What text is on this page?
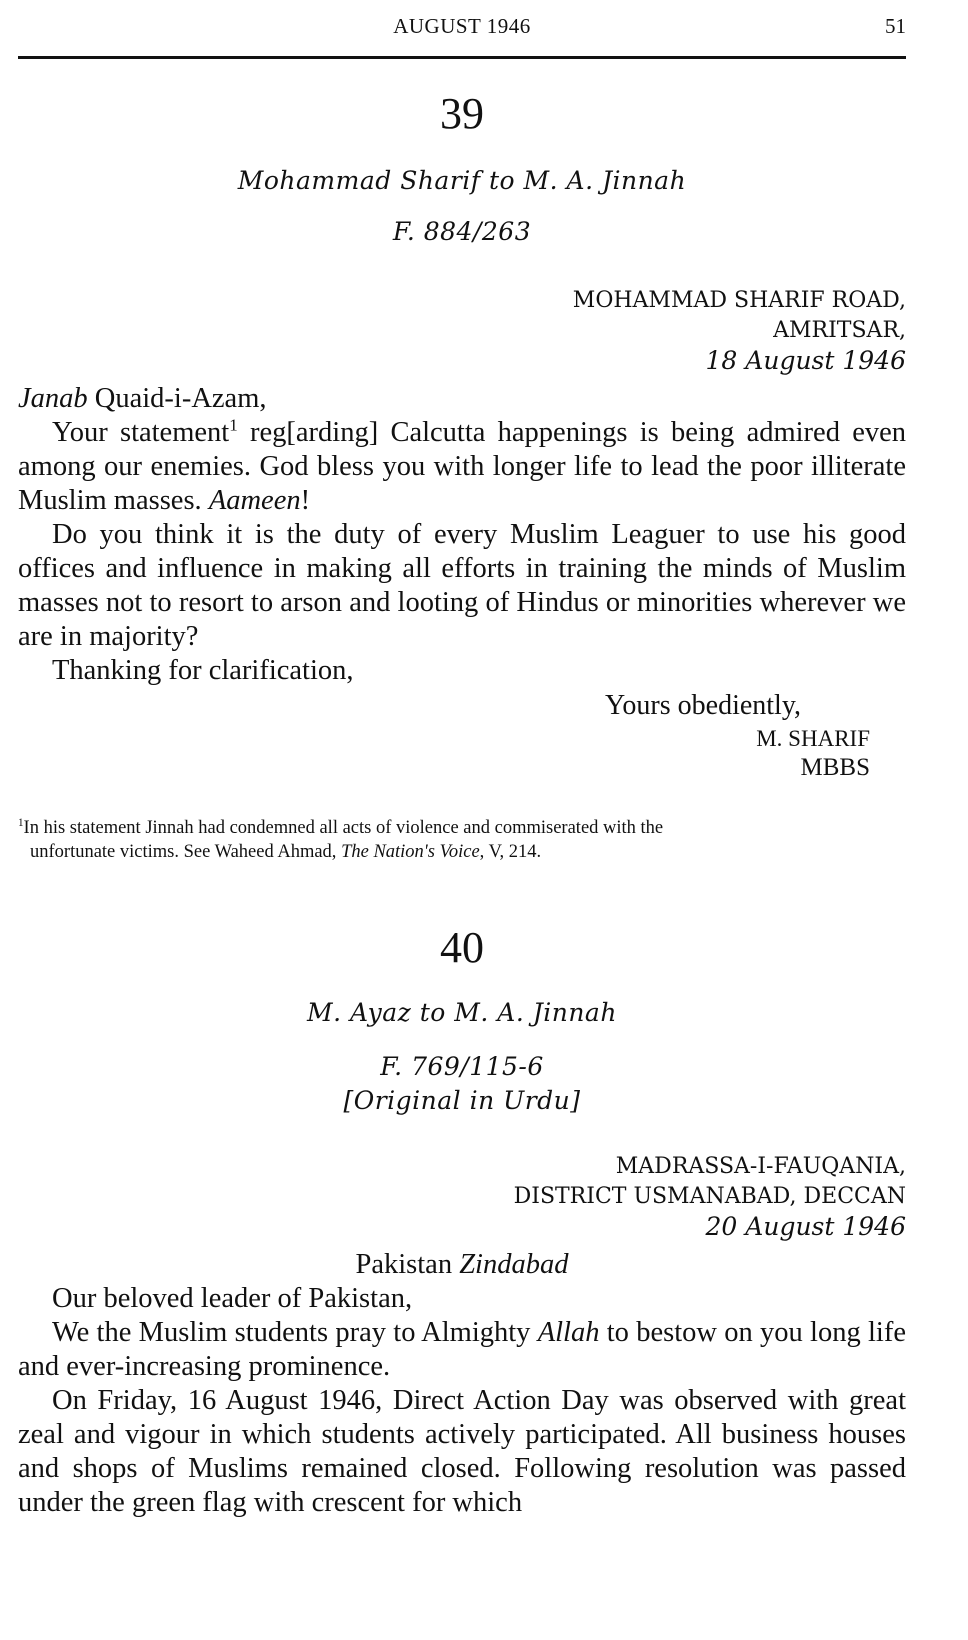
AUGUST 1946	51
39
Mohammad Sharif to M. A. Jinnah
F. 884/263
MOHAMMAD SHARIF ROAD,
AMRITSAR,
18 August 1946

Janab Quaid-i-Azam,

Your statement$^1$ reg[arding] Calcutta happenings is being admired even among our enemies. God bless you with longer life to lead the poor illiterate Muslim masses. Aameen!

Do you think it is the duty of every Muslim Leaguer to use his good offices and influence in making all efforts in training the minds of Muslim masses not to resort to arson and looting of Hindus or minorities wherever we are in majority?

Thanking for clarification,

Yours obediently,
M. SHARIF
MBBS
$^1$In his statement Jinnah had condemned all acts of violence and commiserated with the
unfortunate victims. See Waheed Ahmad, The Nation's Voice, V, 214.
40
M. Ayaz to M. A. Jinnah
F. 769/115-6
[Original in Urdu]
MADRASSA-I-FAUQANIA,
DISTRICT USMANABAD, DECCAN
20 August 1946
Pakistan Zindabad

Our beloved leader of Pakistan,

We the Muslim students pray to Almighty Allah to bestow on you long life and ever-increasing prominence.

On Friday, 16 August 1946, Direct Action Day was observed with great zeal and vigour in which students actively participated. All business houses and shops of Muslims remained closed. Following resolution was passed under the green flag with crescent for which
